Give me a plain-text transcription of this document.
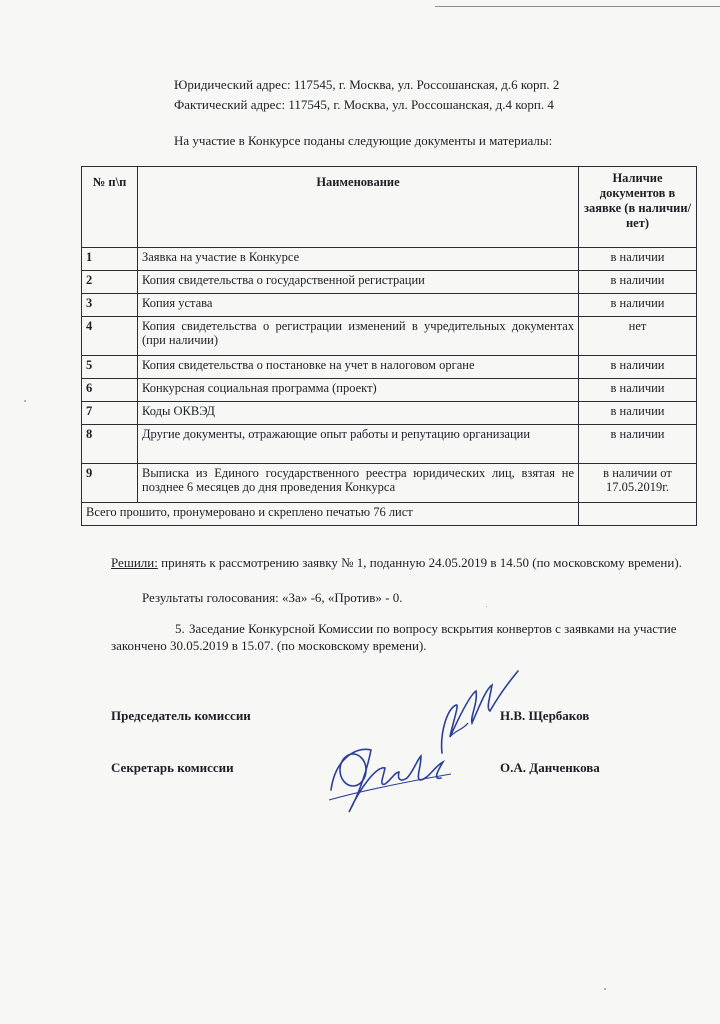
Юридический адрес: 117545, г. Москва, ул. Россошанская, д.6 корп. 2
Фактический адрес: 117545, г. Москва, ул. Россошанская, д.4 корп. 4
На участие в Конкурсе поданы следующие документы и материалы:
№ п\п	Наименование	Наличие документов в заявке (в наличии/нет)
1	Заявка на участие в Конкурсе	в наличии
2	Копия свидетельства о государственной регистрации	в наличии
3	Копия устава	в наличии
4	Копия свидетельства о регистрации изменений в учредительных документах (при наличии)	нет
5	Копия свидетельства о постановке на учет в налоговом органе	в наличии
6	Конкурсная социальная программа (проект)	в наличии
7	Коды ОКВЭД	в наличии
8	Другие документы, отражающие опыт работы и репутацию организации	в наличии
9	Выписка из Единого государственного реестра юридических лиц, взятая не позднее 6 месяцев до дня проведения Конкурса	в наличии от 17.05.2019г.
Всего прошито, пронумеровано и скреплено печатью 76 лист		
Решили: принять к рассмотрению заявку № 1, поданную 24.05.2019 в 14.50 (по московскому времени).
Результаты голосования: «За» -6, «Против» - 0.
5. Заседание Конкурсной Комиссии по вопросу вскрытия конвертов с заявками на участие закончено 30.05.2019 в 15.07. (по московскому времени).
Председатель комиссии	Н.В. Щербаков
Секретарь комиссии	О.А. Данченкова
